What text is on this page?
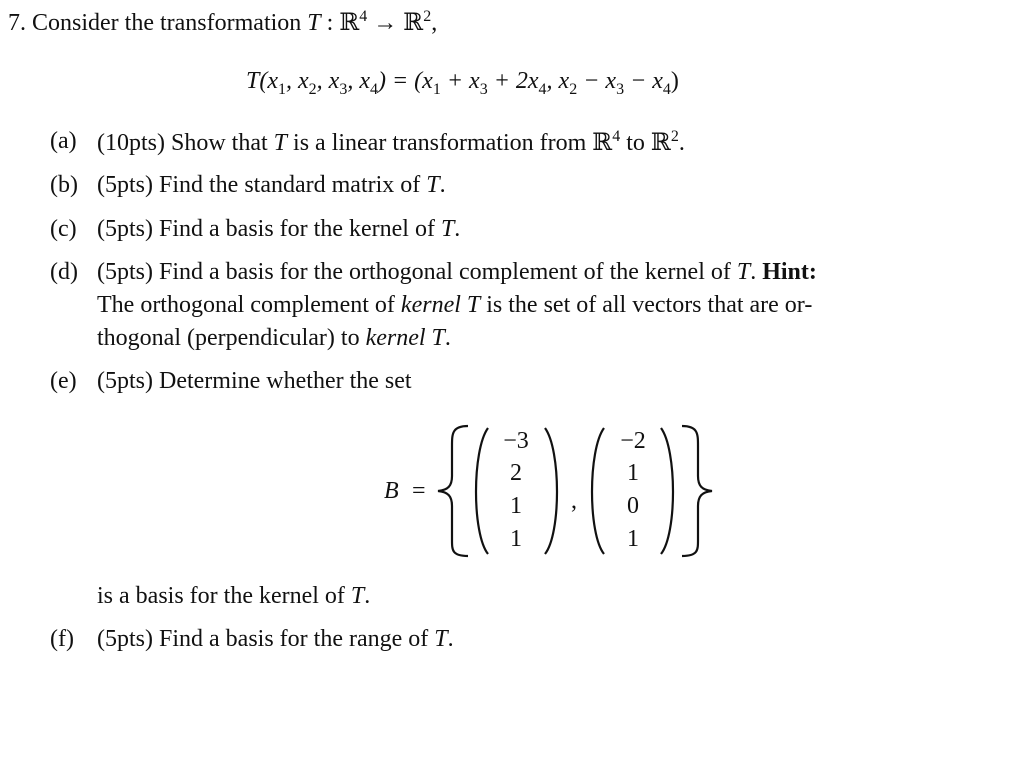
7. Consider the transformation T : ℝ$^4$ → ℝ$^2$,
$T(x_1$, $x_2$, $x_3$, $x_4) = (x_1 + x_3 + 2x_4$, $x_2 - x_3 - x_4$)
(a) (10pts) Show that T is a linear transformation from ℝ$^4$ to ℝ$^2$.
(b) (5pts) Find the standard matrix of T.
(c) (5pts) Find a basis for the kernel of T.
(d) (5pts) Find a basis for the orthogonal complement of the kernel of T. Hint:
The orthogonal complement of kernel T is the set of all vectors that are or-
thogonal (perpendicular) to kernel T.
(e) (5pts) Determine whether the set
B =
−3
2
1
1
,
−2
1
0
1
is a basis for the kernel of T.
(f) (5pts) Find a basis for the range of T.
